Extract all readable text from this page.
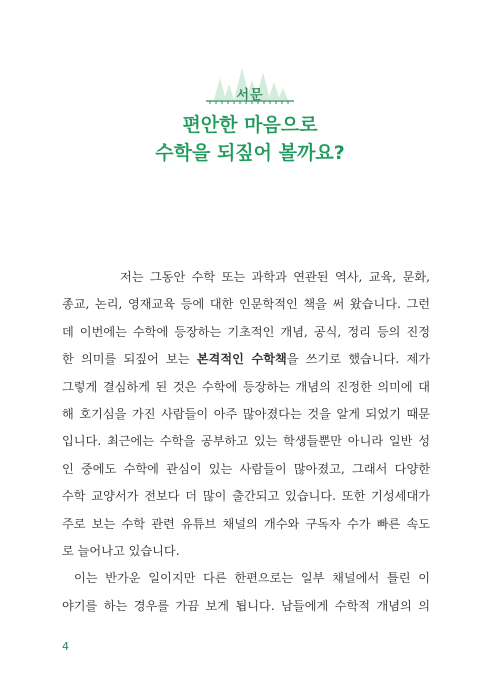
서문
편안한 마음으로
수학을 되짚어 볼까요?

저는 그동안 수학 또는 과학과 연관된 역사, 교육, 문화,
종교, 논리, 영재교육 등에 대한 인문학적인 책을 써 왔습니다. 그런
데 이번에는 수학에 등장하는 기초적인 개념, 공식, 정리 등의 진정
한 의미를 되짚어 보는 본격적인 수학책을 쓰기로 했습니다. 제가
그렇게 결심하게 된 것은 수학에 등장하는 개념의 진정한 의미에 대
해 호기심을 가진 사람들이 아주 많아졌다는 것을 알게 되었기 때문
입니다. 최근에는 수학을 공부하고 있는 학생들뿐만 아니라 일반 성
인 중에도 수학에 관심이 있는 사람들이 많아졌고, 그래서 다양한
수학 교양서가 전보다 더 많이 출간되고 있습니다. 또한 기성세대가
주로 보는 수학 관련 유튜브 채널의 개수와 구독자 수가 빠른 속도
로 늘어나고 있습니다.

이는 반가운 일이지만 다른 한편으로는 일부 채널에서 틀린 이
야기를 하는 경우를 가끔 보게 됩니다. 남들에게 수학적 개념의 의

4
